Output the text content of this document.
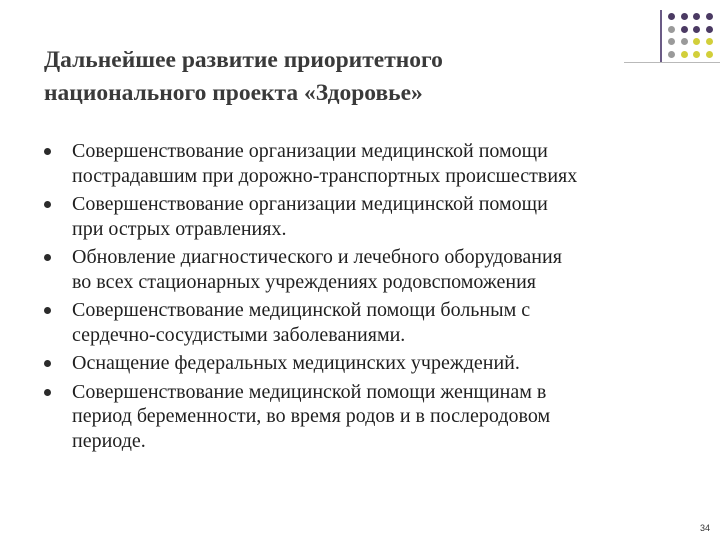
Дальнейшее развитие приоритетного
национального проекта «Здоровье»
Совершенствование организации медицинской помощи
пострадавшим при дорожно-транспортных происшествиях
Совершенствование организации медицинской помощи
при острых отравлениях.
Обновление диагностического и лечебного оборудования
во всех стационарных учреждениях родовспоможения
Совершенствование медицинской помощи больным с
сердечно-сосудистыми заболеваниями.
Оснащение федеральных медицинских учреждений.
Совершенствование медицинской помощи женщинам в
период беременности, во время родов и в послеродовом
периоде.
34
